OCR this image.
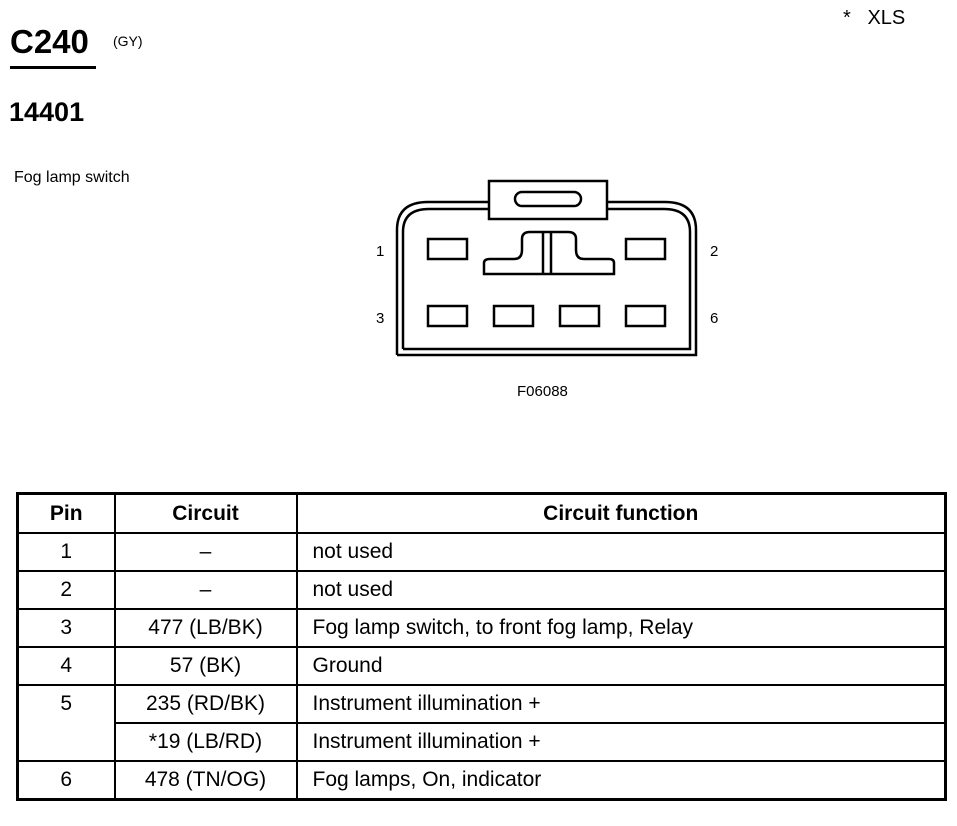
C240	(GY)
*   XLS
14401
Fog lamp switch
1	2
3	6
F06088
Pin	Circuit	Circuit function
1	–	not used
2	–	not used
3	477 (LB/BK)	Fog lamp switch, to front fog lamp, Relay
4	57 (BK)	Ground
5	235 (RD/BK)	Instrument illumination +
	*19 (LB/RD)	Instrument illumination +
6	478 (TN/OG)	Fog lamps, On, indicator
